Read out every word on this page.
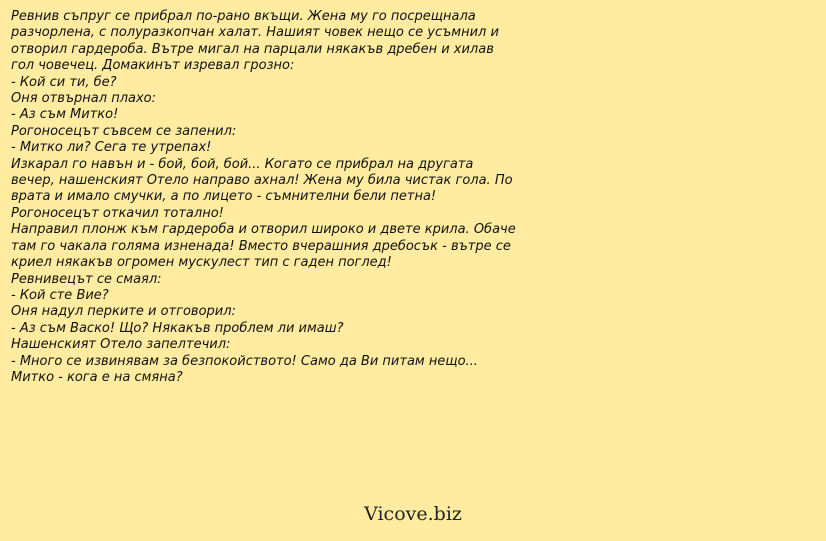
Ревнив съпруг се прибрал по-рано вкъщи. Жена му го посрещнала
разчорлена, с полуразкопчан халат. Нашият човек нещо се усъмнил и
отворил гардероба. Вътре мигал на парцали някакъв дребен и хилав
гол човечец. Домакинът изревал грозно:
- Кой си ти, бе?
Оня отвърнал плахо:
- Аз съм Митко!
Рогоносецът съвсем се запенил:
- Митко ли? Сега те утрепах!
Изкарал го навън и - бой, бой, бой... Когато се прибрал на другата
вечер, нашенският Отело направо ахнал! Жена му била чистак гола. По
врата и имало смучки, а по лицето - съмнителни бели петна!
Рогоносецът откачил тотално!
Направил плонж към гардероба и отворил широко и двете крила. Обаче
там го чакала голяма изненада! Вместо вчерашния дребосък - вътре се
криел някакъв огромен мускулест тип с гаден поглед!
Ревнивецът се смаял:
- Кой сте Вие?
Оня надул перките и отговорил:
- Аз съм Васко! Що? Някакъв проблем ли имаш?
Нашенският Отело запелтечил:
- Много се извинявам за безпокойството! Само да Ви питам нещо...
Митко - кога е на смяна?
Vicove.biz
